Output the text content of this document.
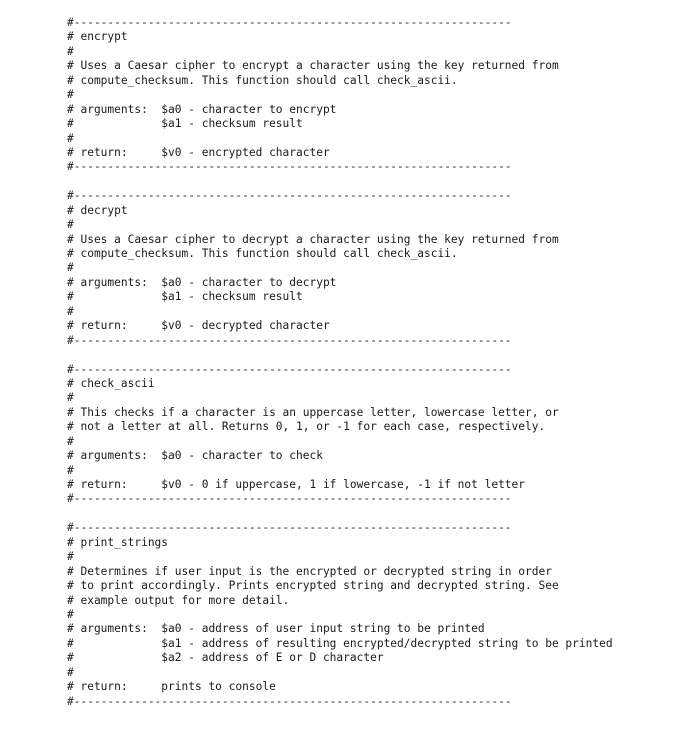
#-----------------------------------------------------------------
# encrypt
#
# Uses a Caesar cipher to encrypt a character using the key returned from
# compute_checksum. This function should call check_ascii.
#
# arguments:  $a0 - character to encrypt
#             $a1 - checksum result
#
# return:     $v0 - encrypted character
#-----------------------------------------------------------------
#-----------------------------------------------------------------
# decrypt
#
# Uses a Caesar cipher to decrypt a character using the key returned from
# compute_checksum. This function should call check_ascii.
#
# arguments:  $a0 - character to decrypt
#             $a1 - checksum result
#
# return:     $v0 - decrypted character
#-----------------------------------------------------------------
#-----------------------------------------------------------------
# check_ascii
#
# This checks if a character is an uppercase letter, lowercase letter, or
# not a letter at all. Returns 0, 1, or -1 for each case, respectively.
#
# arguments:  $a0 - character to check
#
# return:     $v0 - 0 if uppercase, 1 if lowercase, -1 if not letter
#-----------------------------------------------------------------
#-----------------------------------------------------------------
# print_strings
#
# Determines if user input is the encrypted or decrypted string in order
# to print accordingly. Prints encrypted string and decrypted string. See
# example output for more detail.
#
# arguments:  $a0 - address of user input string to be printed
#             $a1 - address of resulting encrypted/decrypted string to be printed
#             $a2 - address of E or D character
#
# return:     prints to console
#-----------------------------------------------------------------
